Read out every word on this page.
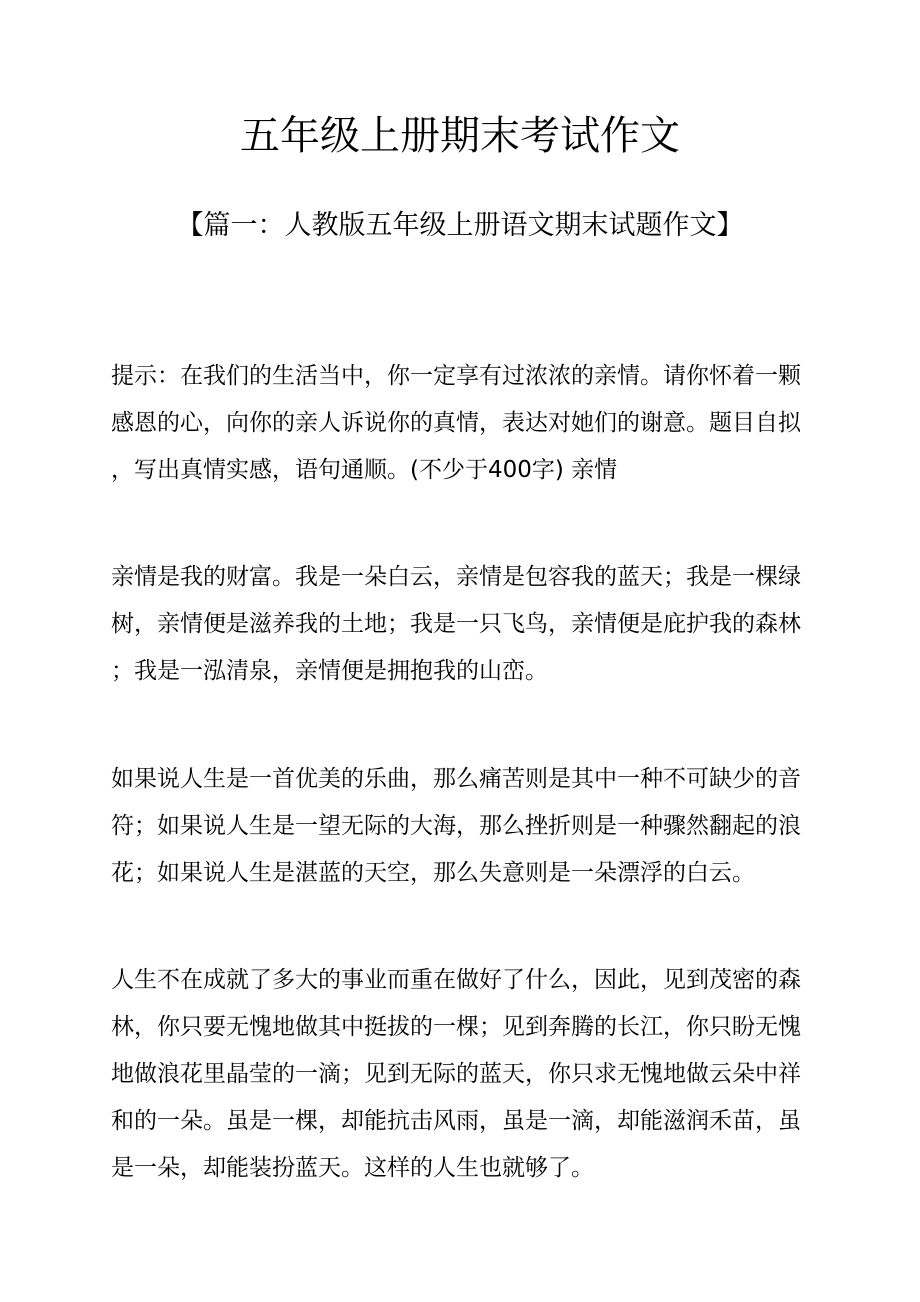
五年级上册期末考试作文
【篇一：人教版五年级上册语文期末试题作文】

提示：在我们的生活当中，你一定享有过浓浓的亲情。请你怀着一颗
感恩的心，向你的亲人诉说你的真情，表达对她们的谢意。题目自拟
，写出真情实感，语句通顺。(不少于400字) 亲情

亲情是我的财富。我是一朵白云，亲情是包容我的蓝天；我是一棵绿
树，亲情便是滋养我的土地；我是一只飞鸟，亲情便是庇护我的森林
；我是一泓清泉，亲情便是拥抱我的山峦。

如果说人生是一首优美的乐曲，那么痛苦则是其中一种不可缺少的音
符；如果说人生是一望无际的大海，那么挫折则是一种骤然翻起的浪
花；如果说人生是湛蓝的天空，那么失意则是一朵漂浮的白云。

人生不在成就了多大的事业而重在做好了什么，因此，见到茂密的森
林，你只要无愧地做其中挺拔的一棵；见到奔腾的长江，你只盼无愧
地做浪花里晶莹的一滴；见到无际的蓝天，你只求无愧地做云朵中祥
和的一朵。虽是一棵，却能抗击风雨，虽是一滴，却能滋润禾苗，虽
是一朵，却能装扮蓝天。这样的人生也就够了。
